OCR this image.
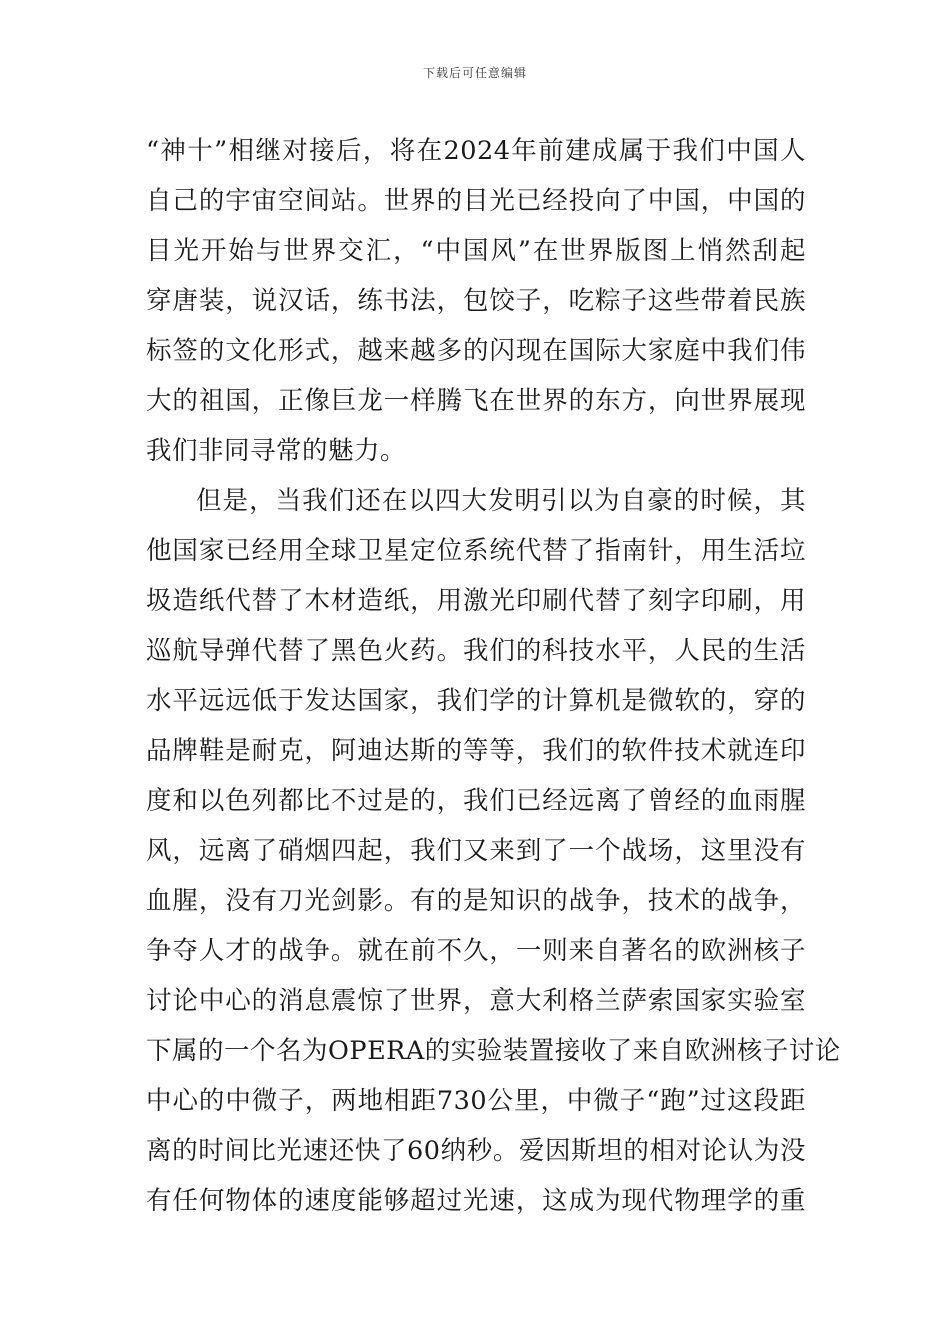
下载后可任意编辑
“神十”相继对接后，将在2024年前建成属于我们中国人
自己的宇宙空间站。世界的目光已经投向了中国，中国的
目光开始与世界交汇，“中国风”在世界版图上悄然刮起
穿唐装，说汉话，练书法，包饺子，吃粽子这些带着民族
标签的文化形式，越来越多的闪现在国际大家庭中我们伟
大的祖国，正像巨龙一样腾飞在世界的东方，向世界展现
我们非同寻常的魅力。
但是，当我们还在以四大发明引以为自豪的时候，其
他国家已经用全球卫星定位系统代替了指南针，用生活垃
圾造纸代替了木材造纸，用激光印刷代替了刻字印刷，用
巡航导弹代替了黑色火药。我们的科技水平，人民的生活
水平远远低于发达国家，我们学的计算机是微软的，穿的
品牌鞋是耐克，阿迪达斯的等等，我们的软件技术就连印
度和以色列都比不过是的，我们已经远离了曾经的血雨腥
风，远离了硝烟四起，我们又来到了一个战场，这里没有
血腥，没有刀光剑影。有的是知识的战争，技术的战争，
争夺人才的战争。就在前不久，一则来自著名的欧洲核子
讨论中心的消息震惊了世界，意大利格兰萨索国家实验室
下属的一个名为OPERA的实验装置接收了来自欧洲核子讨论
中心的中微子，两地相距730公里，中微子“跑”过这段距
离的时间比光速还快了60纳秒。爱因斯坦的相对论认为没
有任何物体的速度能够超过光速，这成为现代物理学的重
